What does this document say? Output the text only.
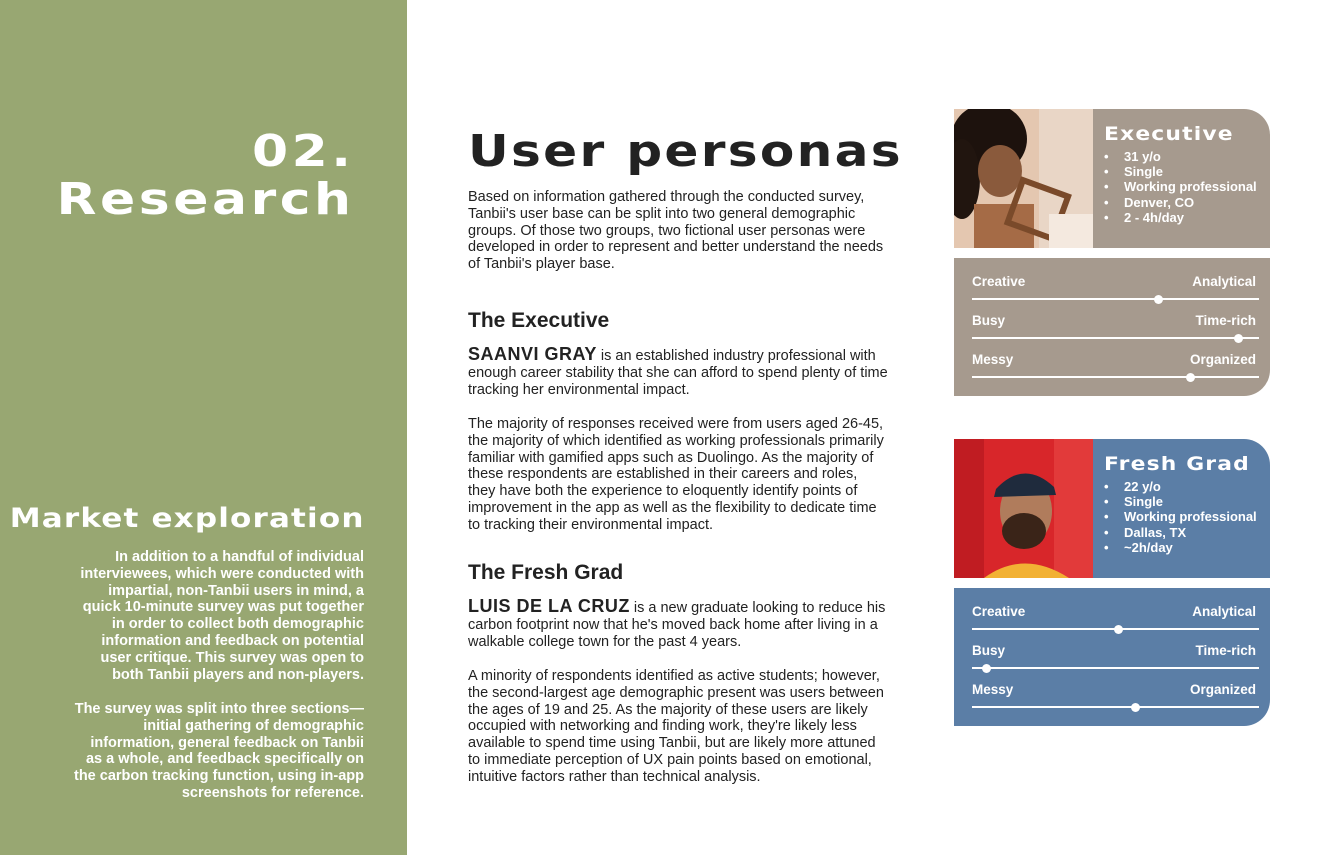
02.
Research
Market exploration

In addition to a handful of individual interviewees, which were conducted with impartial, non-Tanbii users in mind, a quick 10-minute survey was put together in order to collect both demographic information and feedback on potential user critique. This survey was open to both Tanbii players and non-players.

The survey was split into three sections—initial gathering of demographic information, general feedback on Tanbii as a whole, and feedback specifically on the carbon tracking function, using in-app screenshots for reference.

User personas

Based on information gathered through the conducted survey, Tanbii's user base can be split into two general demographic groups. Of those two groups, two fictional user personas were developed in order to represent and better understand the needs of Tanbii's player base.

The Executive

SAANVI GRAY is an established industry professional with enough career stability that she can afford to spend plenty of time tracking her environmental impact.

The majority of responses received were from users aged 26-45, the majority of which identified as working professionals primarily familiar with gamified apps such as Duolingo. As the majority of these respondents are established in their careers and roles, they have both the experience to eloquently identify points of improvement in the app as well as the flexibility to dedicate time to tracking their environmental impact.

The Fresh Grad

LUIS DE LA CRUZ is a new graduate looking to reduce his carbon footprint now that he's moved back home after living in a walkable college town for the past 4 years.

A minority of respondents identified as active students; however, the second-largest age demographic present was users between the ages of 19 and 25. As the majority of these users are likely occupied with networking and finding work, they're likely less available to spend time using Tanbii, but are likely more attuned to immediate perception of UX pain points based on emotional, intuitive factors rather than technical analysis.

Executive
• 31 y/o
• Single
• Working professional
• Denver, CO
• 2 - 4h/day
Creative	Analytical
Busy	Time-rich
Messy	Organized
Fresh Grad
• 22 y/o
• Single
• Working professional
• Dallas, TX
• ~2h/day
Creative	Analytical
Busy	Time-rich
Messy	Organized
